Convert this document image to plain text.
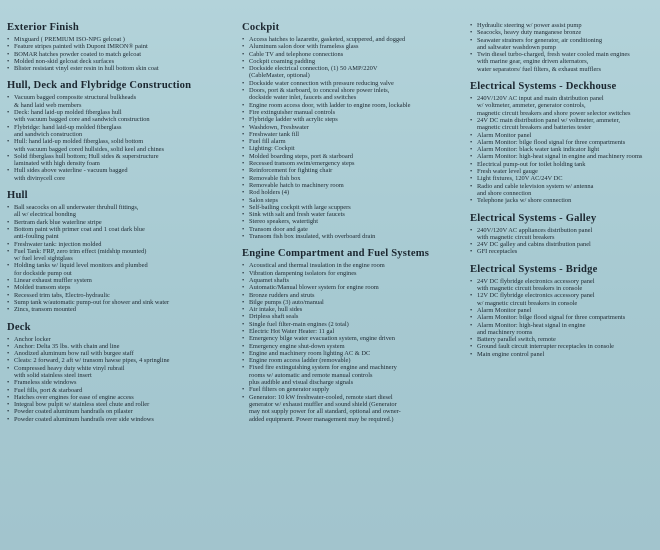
Exterior Finish
• Mixguard ( PREMIUM ISO-NPG gelcoat )
• Feature stripes painted with Dupont IMRON® paint
• BOMAR hatches powder coated to match gelcoat
• Molded non-skid gelcoat deck surfaces
• Blister resistant vinyl ester resin in hull bottom skin coat
Hull, Deck and Flybridge Construction
• Vacuum bagged composite structural bulkheads
& hand laid web members
• Deck: hand laid-up molded fiberglass hull
with vacuum bagged core and sandwich construction
• Flybridge: hand laid-up molded fiberglass
and sandwich construction
• Hull: hand laid-up molded fiberglass, solid bottom
with vacuum bagged cored hullsides, solid keel and chines
• Solid fiberglass hull bottom; Hull sides & superstructure
laminated with high density foam
• Hull sides above waterline - vacuum bagged
with divinycell core
Hull
• Ball seacocks on all underwater thruhull fittings,
all w/ electrical bonding
• Bertram dark blue waterline stripe
• Bottom paint with primer coat and 1 coat dark blue
anti-fouling paint
• Freshwater tank: injection molded
• Fuel Tank: FRP, zero trim effect (midship mounted)
w/ fuel level sightglass
• Holding tanks w/ liquid level monitors and plumbed
for dockside pump out
• Linear exhaust muffler system
• Molded transom steps
• Recessed trim tabs, Electro-hydraulic
• Sump tank w/automatic pump-out for shower and sink water
• Zincs, transom mounted
Deck
• Anchor locker
• Anchor: Delta 35 lbs. with chain and line
• Anodized aluminum bow rail with burgee staff
• Cleats: 2 forward, 2 aft w/ transom hawse pipes, 4 springline
• Compressed heavy duty white vinyl rubrail
with solid stainless steel insert
• Frameless side windows
• Fuel fills, port & starboard
• Hatches over engines for ease of engine access
• Integral bow pulpit w/ stainless steel chute and roller
• Powder coated aluminum handrails on pilaster
• Powder coated aluminum handrails over side windows
Cockpit
• Access hatches to lazarette, gasketed, scuppered, and dogged
• Aluminum salon door with frameless glass
• Cable TV and telephone connections
• Cockpit coaming padding
• Dockside electrical connection, (1) 50 AMP/220V
(CableMaster, optional)
• Dockside water connection with pressure reducing valve
• Doors, port & starboard, to conceal shore power inlets,
dockside water inlet, faucets and switches
• Engine room access door, with ladder to engine room, lockable
• Fire extinguisher manual controls
• Flybridge ladder with acrylic steps
• Washdown, Freshwater
• Freshwater tank fill
• Fuel fill alarm
• Lighting: Cockpit
• Molded boarding steps, port & starboard
• Recessed transom swim/emergency steps
• Reinforcement for fighting chair
• Removable fish box
• Removable hatch to machinery room
• Rod holders (4)
• Salon steps
• Self-bailing cockpit with large scuppers
• Sink with salt and fresh water faucets
• Stereo speakers, watertight
• Transom door and gate
• Transom fish box insulated, with overboard drain
Engine Compartment and Fuel Systems
• Acoustical and thermal insulation in the engine room
• Vibration dampening isolators for engines
• Aquamet shafts
• Automatic/Manual blower system for engine room
• Bronze rudders and struts
• Bilge pumps (3) auto/manual
• Air intake, hull sides
• Dripless shaft seals
• Single fuel filter-main engines (2 total)
• Electric Hot Water Heater: 11 gal
• Emergency bilge water evacuation system, engine driven
• Emergency engine shut-down system
• Engine and machinery room lighting AC & DC
• Engine room access ladder (removable)
• Fixed fire extinguishing system for engine and machinery
rooms w/ automatic and remote manual controls
plus audible and visual discharge signals
• Fuel filters on generator supply
• Generator: 10 kW freshwater-cooled, remote start diesel
generator w/ exhaust muffler and sound shield (Generator
may not supply power for all standard, optional and owner-
added equipment. Power management may be required.)
• Hydraulic steering w/ power assist pump
• Seacocks, heavy duty manganese bronze
• Seawater strainers for generator, air conditioning
and saltwater washdown pump
• Twin diesel turbo-charged, fresh water cooled main engines
with marine gear, engine driven alternators,
water separators/ fuel filters, & exhaust mufflers
Electrical Systems - Deckhouse
• 240V/120V AC input and main distribution panel
w/ voltmeter, ammeter, generator controls,
magnetic circuit breakers and shore power selector switches
• 24V DC main distribution panel w/ voltmeter, ammeter,
magnetic circuit breakers and batteries tester
• Alarm Monitor panel
• Alarm Monitor: bilge flood signal for three compartments
• Alarm Monitor: black water tank indicator light
• Alarm Monitor: high-heat signal in engine and machinery rooms
• Electrical pump-out for toilet holding tank
• Fresh water level gauge
• Light fixtures, 120V AC/24V DC
• Radio and cable television system w/ antenna
and shore connection
• Telephone jacks w/ shore connection
Electrical Systems - Galley
• 240V/120V AC appliances distribution panel
with magnetic circuit breakers
• 24V DC galley and cabins distribution panel
• GFI receptacles
Electrical Systems - Bridge
• 24V DC flybridge electronics accessory panel
with magnetic circuit breakers in console
• 12V DC flybridge electronics accessory panel
w/ magnetic circuit breakers in console
• Alarm Monitor panel
• Alarm Monitor: bilge flood signal for three compartments
• Alarm Monitor: high-heat signal in engine
and machinery rooms
• Battery parallel switch, remote
• Ground fault circuit interrupter receptacles in console
• Main engine control panel
